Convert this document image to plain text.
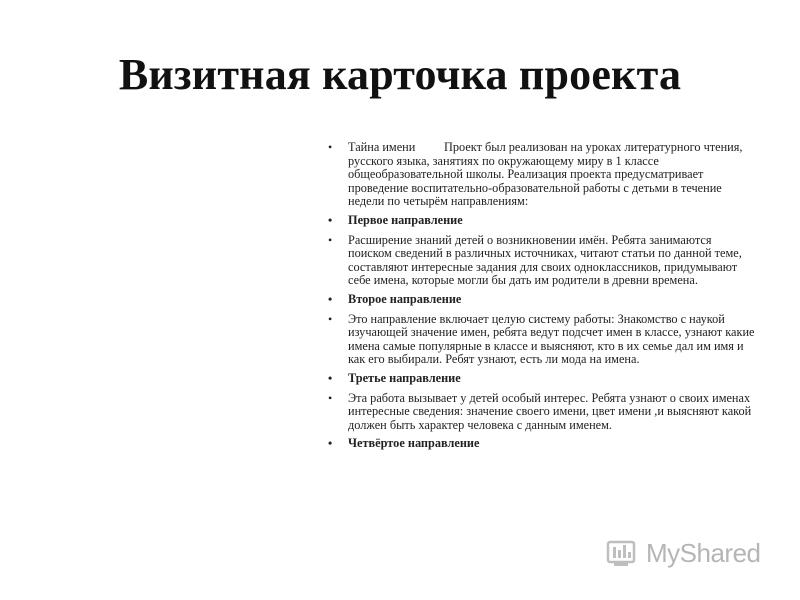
Визитная карточка проекта
• Тайна имени Проект был реализован на уроках литературного чтения, русского языка, занятиях по окружающему миру в 1 классе общеобразовательной школы. Реализация проекта предусматривает проведение воспитательно-образовательной работы с детьми в течение недели по четырём направлениям:
• Первое направление
• Расширение знаний детей о возникновении имён. Ребята занимаются поиском сведений в различных источниках, читают статьи по данной теме, составляют интересные задания для своих одноклассников, придумывают себе имена, которые могли бы дать им родители в древни времена.
• Второе направление
• Это направление включает целую систему работы: Знакомство с наукой изучающей значение имен, ребята ведут подсчет имен в классе, узнают какие имена самые популярные в классе и выясняют, кто в их семье дал им имя и как его выбирали. Ребят узнают, есть ли мода на имена.
• Третье направление
• Эта работа вызывает у детей особый интерес. Ребята узнают о своих именах интересные сведения: значение своего имени, цвет имени ,и выясняют какой должен быть характер человека с данным именем.
• Четвёртое направление
MyShared
